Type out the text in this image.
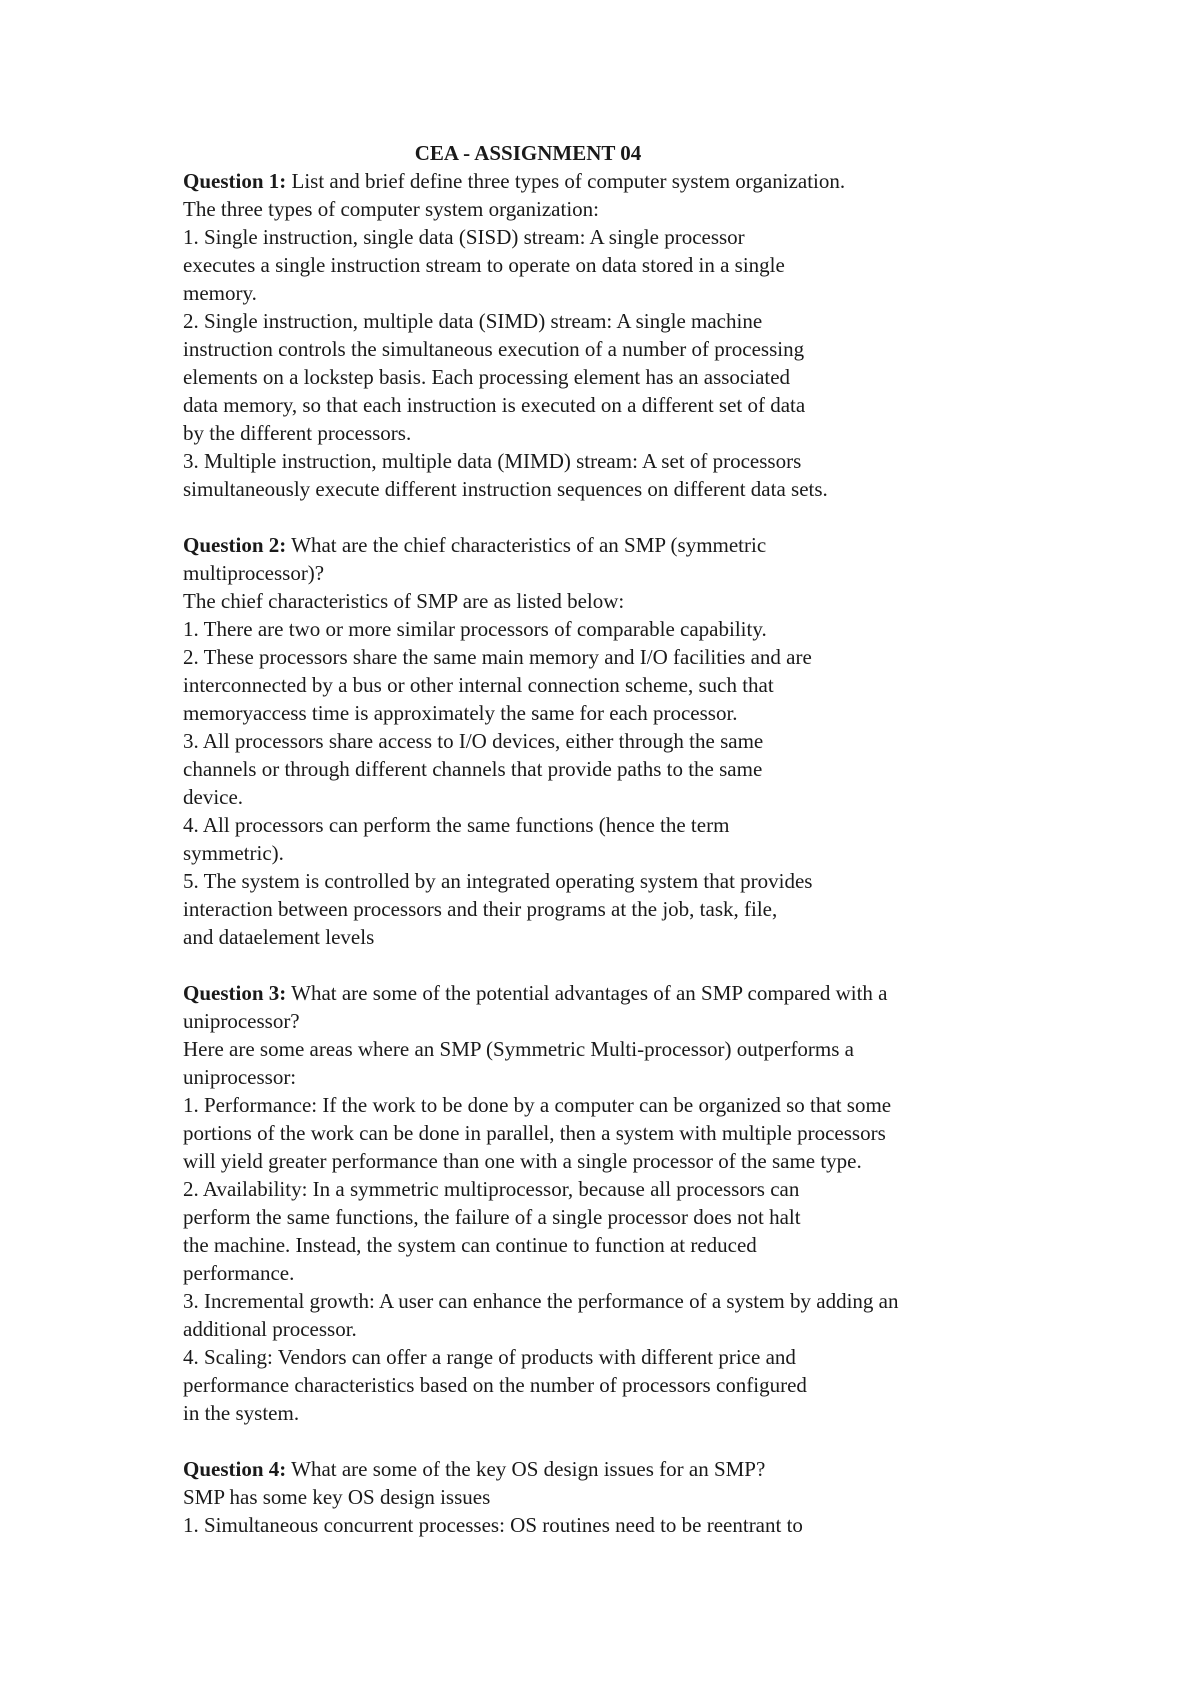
CEA - ASSIGNMENT 04
Question 1: List and brief define three types of computer system organization.
The three types of computer system organization:
1. Single instruction, single data (SISD) stream: A single processor
executes a single instruction stream to operate on data stored in a single
memory.
2. Single instruction, multiple data (SIMD) stream: A single machine
instruction controls the simultaneous execution of a number of processing
elements on a lockstep basis. Each processing element has an associated
data memory, so that each instruction is executed on a different set of data
by the different processors.
3. Multiple instruction, multiple data (MIMD) stream: A set of processors
simultaneously execute different instruction sequences on different data sets.
Question 2: What are the chief characteristics of an SMP (symmetric
multiprocessor)?
The chief characteristics of SMP are as listed below:
1. There are two or more similar processors of comparable capability.
2. These processors share the same main memory and I/O facilities and are
interconnected by a bus or other internal connection scheme, such that
memoryaccess time is approximately the same for each processor.
3. All processors share access to I/O devices, either through the same
channels or through different channels that provide paths to the same
device.
4. All processors can perform the same functions (hence the term
symmetric).
5. The system is controlled by an integrated operating system that provides
interaction between processors and their programs at the job, task, file,
and dataelement levels
Question 3: What are some of the potential advantages of an SMP compared with a
uniprocessor?
Here are some areas where an SMP (Symmetric Multi-processor) outperforms a
uniprocessor:
1. Performance: If the work to be done by a computer can be organized so that some
portions of the work can be done in parallel, then a system with multiple processors
will yield greater performance than one with a single processor of the same type.
2. Availability: In a symmetric multiprocessor, because all processors can
perform the same functions, the failure of a single processor does not halt
the machine. Instead, the system can continue to function at reduced
performance.
3. Incremental growth: A user can enhance the performance of a system by adding an
additional processor.
4. Scaling: Vendors can offer a range of products with different price and
performance characteristics based on the number of processors configured
in the system.
Question 4: What are some of the key OS design issues for an SMP?
SMP has some key OS design issues
1. Simultaneous concurrent processes: OS routines need to be reentrant to
